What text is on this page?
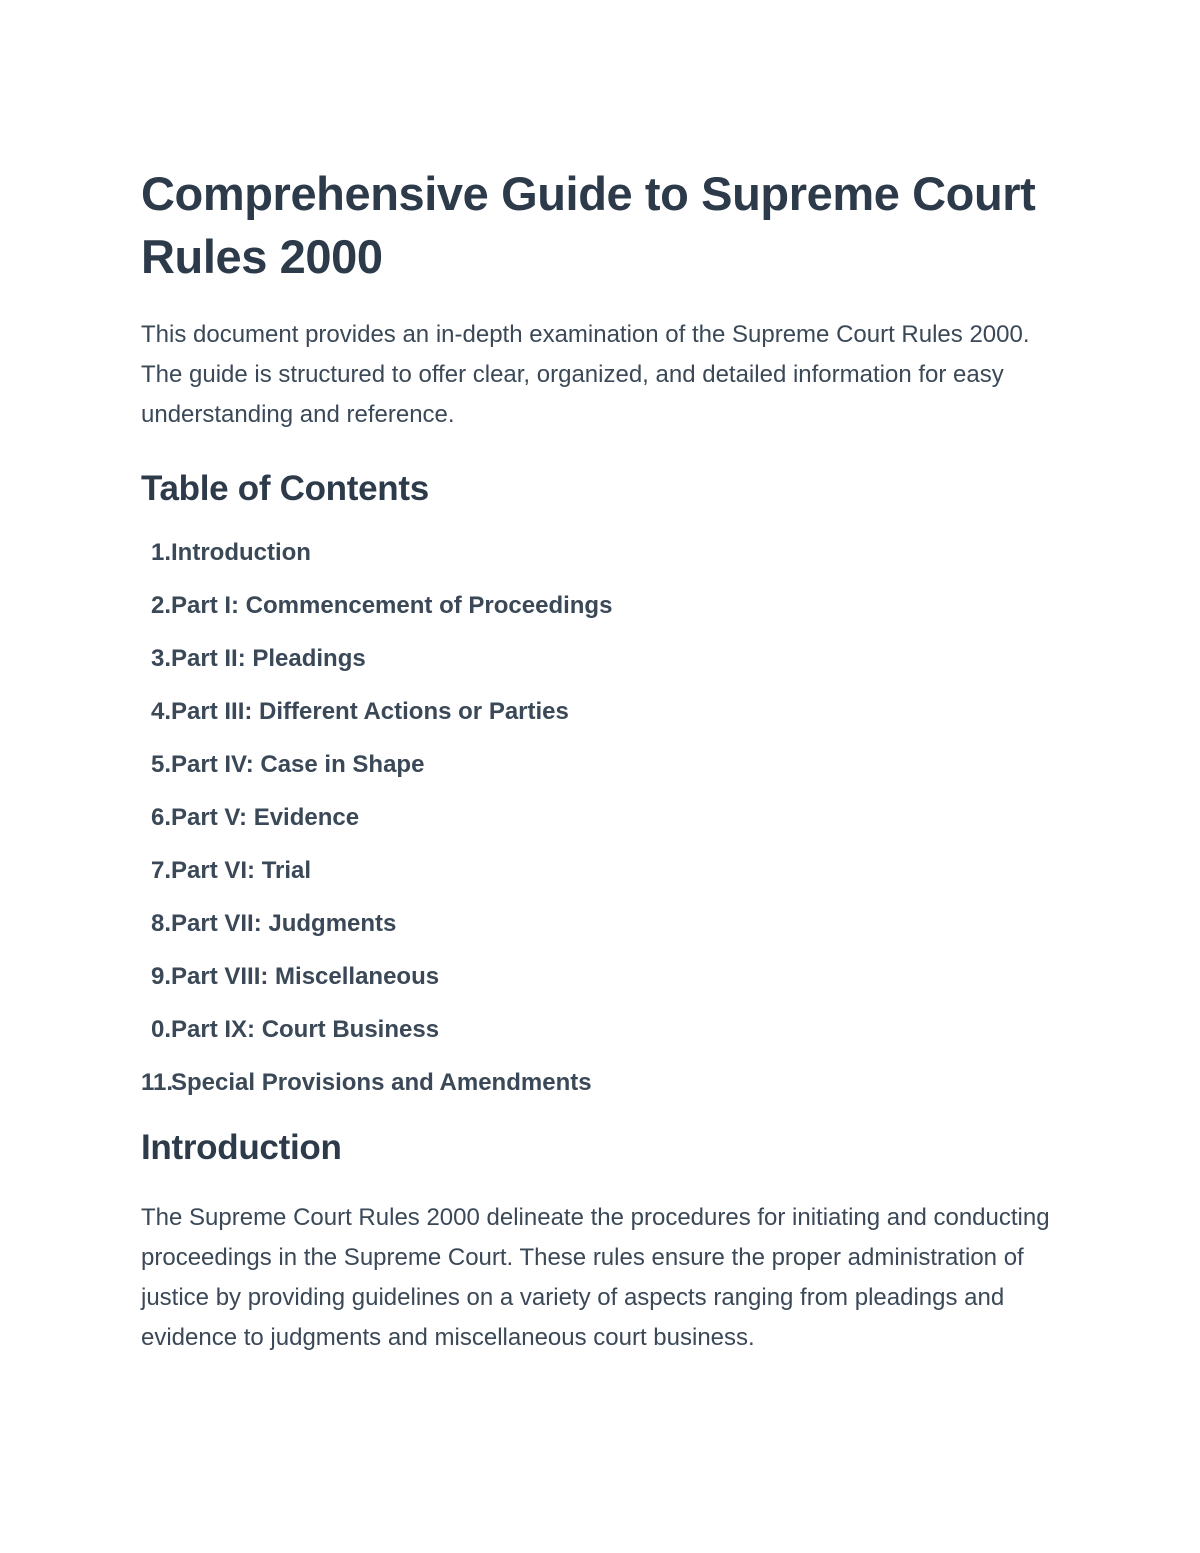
Comprehensive Guide to Supreme Court Rules 2000

This document provides an in-depth examination of the Supreme Court Rules 2000. The guide is structured to offer clear, organized, and detailed information for easy understanding and reference.

Table of Contents
1. Introduction
2. Part I: Commencement of Proceedings
3. Part II: Pleadings
4. Part III: Different Actions or Parties
5. Part IV: Case in Shape
6. Part V: Evidence
7. Part VI: Trial
8. Part VII: Judgments
9. Part VIII: Miscellaneous
0. Part IX: Court Business
11.
Special Provisions and Amendments
Introduction

The Supreme Court Rules 2000 delineate the procedures for initiating and conducting proceedings in the Supreme Court. These rules ensure the proper administration of justice by providing guidelines on a variety of aspects ranging from pleadings and evidence to judgments and miscellaneous court business.
